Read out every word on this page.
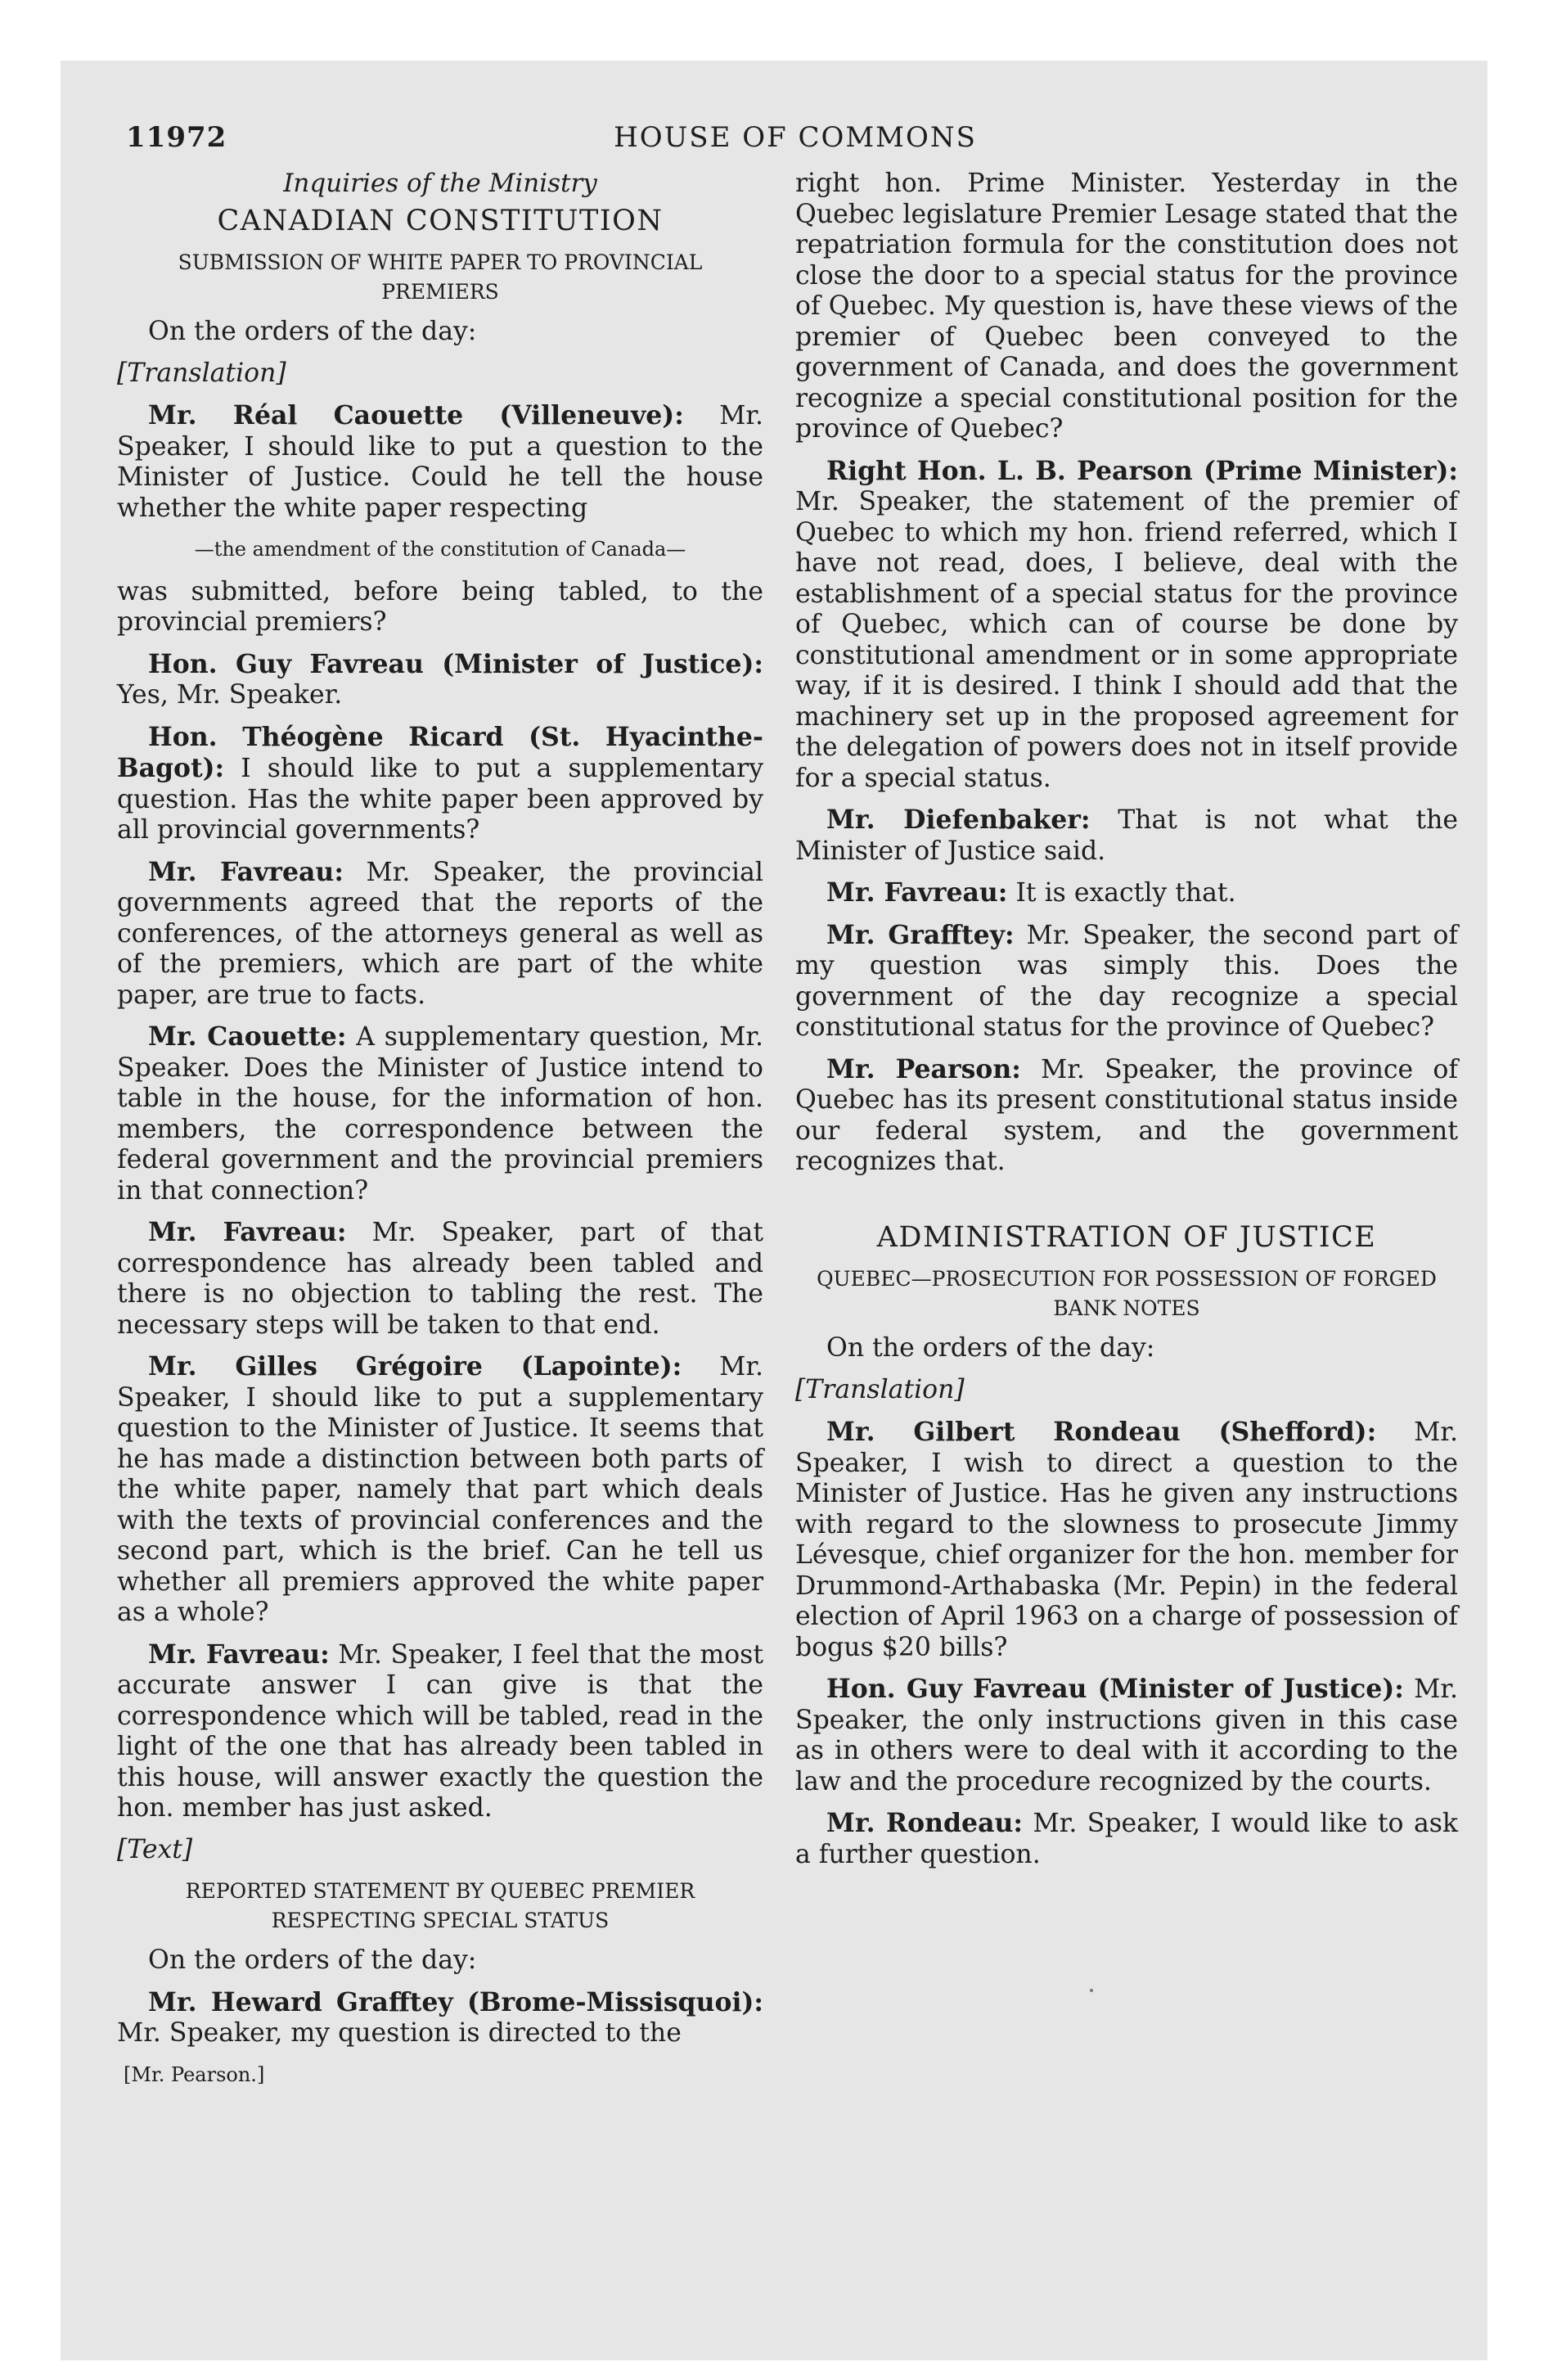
11972	HOUSE OF COMMONS
Inquiries of the Ministry
CANADIAN CONSTITUTION
SUBMISSION OF WHITE PAPER TO PROVINCIAL PREMIERS
On the orders of the day:
[Translation]

Mr. Réal Caouette (Villeneuve): Mr. Speaker, I should like to put a question to the Minister of Justice. Could he tell the house whether the white paper respecting

—the amendment of the constitution of Canada—

was submitted, before being tabled, to the provincial premiers?

Hon. Guy Favreau (Minister of Justice): Yes, Mr. Speaker.

Hon. Théogène Ricard (St. Hyacinthe-Bagot): I should like to put a supplementary question. Has the white paper been approved by all provincial governments?

Mr. Favreau: Mr. Speaker, the provincial governments agreed that the reports of the conferences, of the attorneys general as well as of the premiers, which are part of the white paper, are true to facts.

Mr. Caouette: A supplementary question, Mr. Speaker. Does the Minister of Justice intend to table in the house, for the information of hon. members, the correspondence between the federal government and the provincial premiers in that connection?

Mr. Favreau: Mr. Speaker, part of that correspondence has already been tabled and there is no objection to tabling the rest. The necessary steps will be taken to that end.

Mr. Gilles Grégoire (Lapointe): Mr. Speaker, I should like to put a supplementary question to the Minister of Justice. It seems that he has made a distinction between both parts of the white paper, namely that part which deals with the texts of provincial conferences and the second part, which is the brief. Can he tell us whether all premiers approved the white paper as a whole?

Mr. Favreau: Mr. Speaker, I feel that the most accurate answer I can give is that the correspondence which will be tabled, read in the light of the one that has already been tabled in this house, will answer exactly the question the hon. member has just asked.

[Text]
REPORTED STATEMENT BY QUEBEC PREMIER RESPECTING SPECIAL STATUS
On the orders of the day:

Mr. Heward Grafftey (Brome-Missisquoi): Mr. Speaker, my question is directed to the

[Mr. Pearson.]

right hon. Prime Minister. Yesterday in the Quebec legislature Premier Lesage stated that the repatriation formula for the constitution does not close the door to a special status for the province of Quebec. My question is, have these views of the premier of Quebec been conveyed to the government of Canada, and does the government recognize a special constitutional position for the province of Quebec?

Right Hon. L. B. Pearson (Prime Minister): Mr. Speaker, the statement of the premier of Quebec to which my hon. friend referred, which I have not read, does, I believe, deal with the establishment of a special status for the province of Quebec, which can of course be done by constitutional amendment or in some appropriate way, if it is desired. I think I should add that the machinery set up in the proposed agreement for the delegation of powers does not in itself provide for a special status.

Mr. Diefenbaker: That is not what the Minister of Justice said.

Mr. Favreau: It is exactly that.

Mr. Grafftey: Mr. Speaker, the second part of my question was simply this. Does the government of the day recognize a special constitutional status for the province of Quebec?

Mr. Pearson: Mr. Speaker, the province of Quebec has its present constitutional status inside our federal system, and the government recognizes that.

ADMINISTRATION OF JUSTICE
QUEBEC—PROSECUTION FOR POSSESSION OF FORGED BANK NOTES
On the orders of the day:
[Translation]

Mr. Gilbert Rondeau (Shefford): Mr. Speaker, I wish to direct a question to the Minister of Justice. Has he given any instructions with regard to the slowness to prosecute Jimmy Lévesque, chief organizer for the hon. member for Drummond-Arthabaska (Mr. Pepin) in the federal election of April 1963 on a charge of possession of bogus $20 bills?

Hon. Guy Favreau (Minister of Justice): Mr. Speaker, the only instructions given in this case as in others were to deal with it according to the law and the procedure recognized by the courts.

Mr. Rondeau: Mr. Speaker, I would like to ask a further question.
